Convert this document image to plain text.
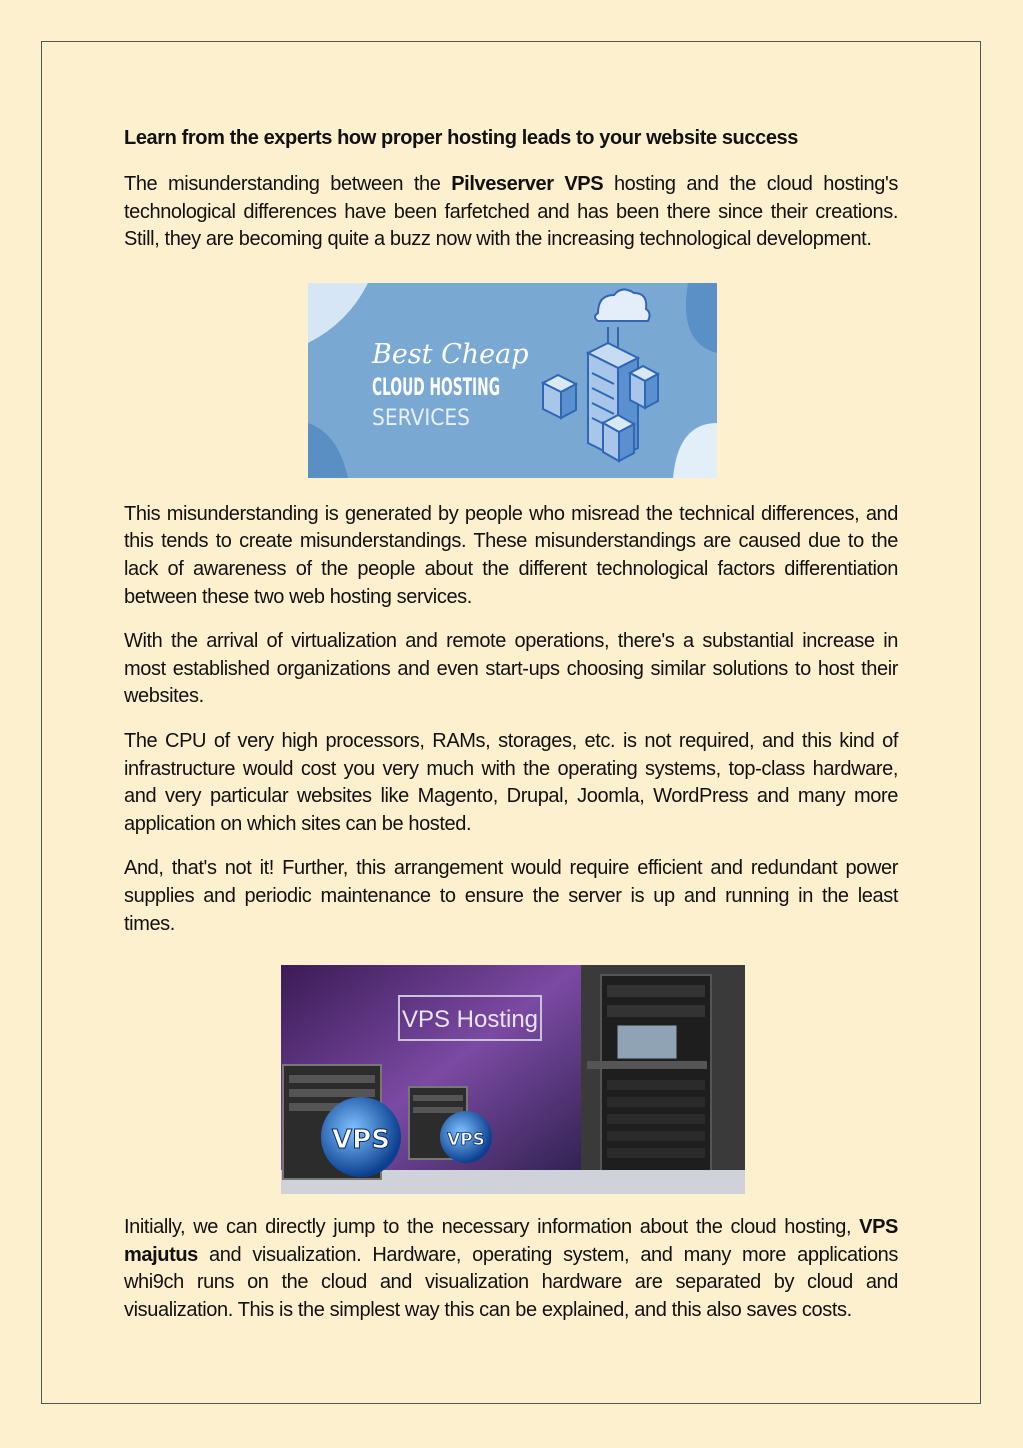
Learn from the experts how proper hosting leads to your website success

The misunderstanding between the Pilveserver VPS hosting and the cloud hosting's technological differences have been farfetched and has been there since their creations. Still, they are becoming quite a buzz now with the increasing technological development.

Best Cheap
CLOUD HOSTING
SERVICES

This misunderstanding is generated by people who misread the technical differences, and this tends to create misunderstandings. These misunderstandings are caused due to the lack of awareness of the people about the different technological factors differentiation between these two web hosting services.

With the arrival of virtualization and remote operations, there's a substantial increase in most established organizations and even start-ups choosing similar solutions to host their websites.

The CPU of very high processors, RAMs, storages, etc. is not required, and this kind of infrastructure would cost you very much with the operating systems, top-class hardware, and very particular websites like Magento, Drupal, Joomla, WordPress and many more application on which sites can be hosted.

And, that's not it! Further, this arrangement would require efficient and redundant power supplies and periodic maintenance to ensure the server is up and running in the least times.

VPS Hosting
VPS	VPS

Initially, we can directly jump to the necessary information about the cloud hosting, VPS majutus and visualization. Hardware, operating system, and many more applications whi9ch runs on the cloud and visualization hardware are separated by cloud and visualization. This is the simplest way this can be explained, and this also saves costs.
